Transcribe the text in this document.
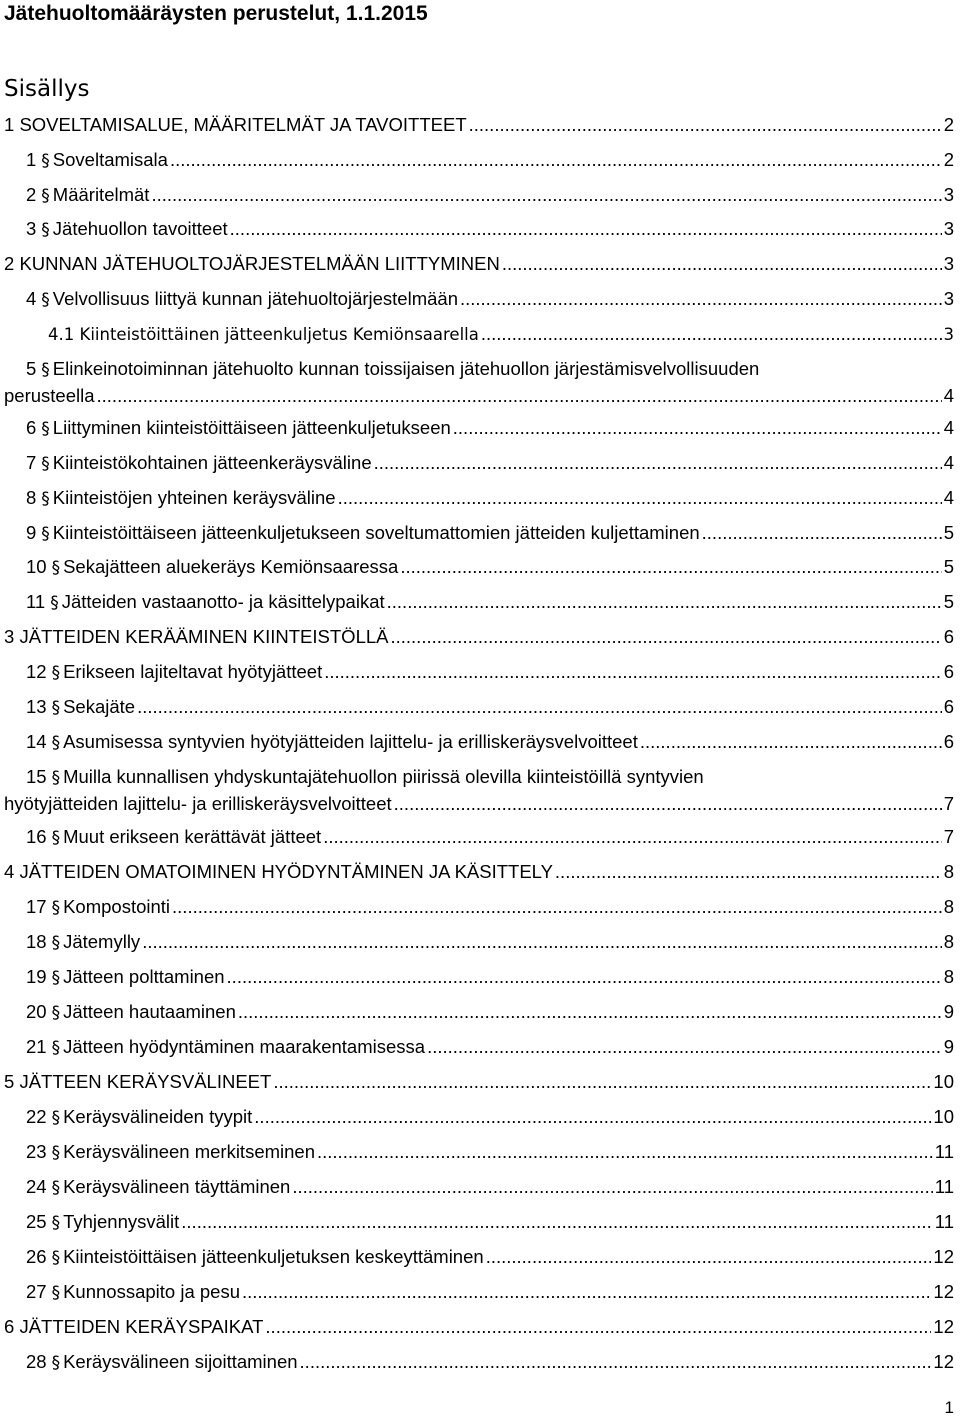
Jätehuoltomääräysten perustelut, 1.1.2015
Sisällys
1 SOVELTAMISALUE, MÄÄRITELMÄT JA TAVOITTEET .....	2
1 § Soveltamisala .....	2
2 § Määritelmät .....	3
3 § Jätehuollon tavoitteet .....	3
2 KUNNAN JÄTEHUOLTOJÄRJESTELMÄÄN LIITTYMINEN .....	3
4 § Velvollisuus liittyä kunnan jätehuoltojärjestelmään .....	3
4.1 Kiinteistöittäinen jätteenkuljetus Kemiönsaarella .....	3
5 § Elinkeinotoiminnan jätehuolto kunnan toissijaisen jätehuollon järjestämisvelvollisuuden
perusteella .....	4
6 § Liittyminen kiinteistöittäiseen jätteenkuljetukseen .....	4
7 § Kiinteistökohtainen jätteenkeräysväline .....	4
8 § Kiinteistöjen yhteinen keräysväline .....	4
9 § Kiinteistöittäiseen jätteenkuljetukseen soveltumattomien jätteiden kuljettaminen .....	5
10 § Sekajätteen aluekeräys Kemiönsaaressa .....	5
11 § Jätteiden vastaanotto- ja käsittelypaikat .....	5
3 JÄTTEIDEN KERÄÄMINEN KIINTEISTÖLLÄ .....	6
12 § Erikseen lajiteltavat hyötyjätteet .....	6
13 § Sekajäte .....	6
14 § Asumisessa syntyvien hyötyjätteiden lajittelu- ja erilliskeräysvelvoitteet .....	6
15 § Muilla kunnallisen yhdyskuntajätehuollon piirissä olevilla kiinteistöillä syntyvien
hyötyjätteiden lajittelu- ja erilliskeräysvelvoitteet .....	7
16 § Muut erikseen kerättävät jätteet .....	7
4 JÄTTEIDEN OMATOIMINEN HYÖDYNTÄMINEN JA KÄSITTELY .....	8
17 § Kompostointi .....	8
18 § Jätemylly .....	8
19 § Jätteen polttaminen .....	8
20 § Jätteen hautaaminen .....	9
21 § Jätteen hyödyntäminen maarakentamisessa .....	9
5 JÄTTEEN KERÄYSVÄLINEET .....	10
22 § Keräysvälineiden tyypit .....	10
23 § Keräysvälineen merkitseminen .....	11
24 § Keräysvälineen täyttäminen .....	11
25 § Tyhjennysvälit .....	11
26 § Kiinteistöittäisen jätteenkuljetuksen keskeyttäminen .....	12
27 § Kunnossapito ja pesu .....	12
6 JÄTTEIDEN KERÄYSPAIKAT .....	12
28 § Keräysvälineen sijoittaminen .....	12
1
